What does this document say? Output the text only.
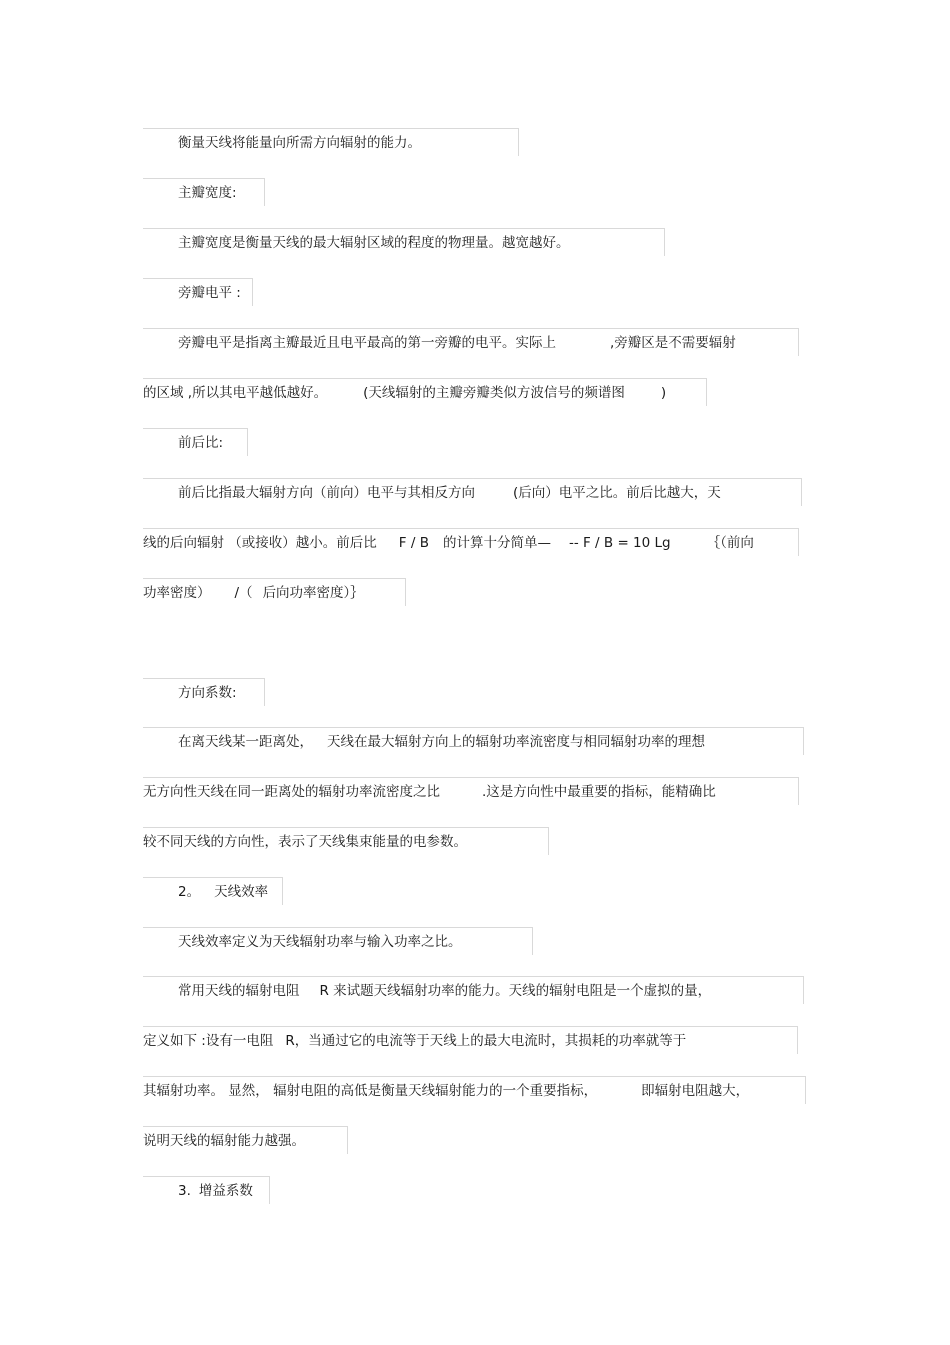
衡量天线将能量向所需方向辐射的能力。
主瓣宽度:
主瓣宽度是衡量天线的最大辐射区域的程度的物理量。越宽越好。
旁瓣电平 :
旁瓣电平是指离主瓣最近且电平最高的第一旁瓣的电平。实际上	,旁瓣区是不需要辐射
的区域 ,所以其电平越低越好。	(天线辐射的主瓣旁瓣类似方波信号的频谱图	)
前后比:
前后比指最大辐射方向（前向）电平与其相反方向	(后向）电平之比。前后比越大，天
线的后向辐射 （或接收）越小。前后比 F / B 的计算十分简单— -- F / B = 10 Lg	｛（前向
功率密度） /（ 后向功率密度）｝
方向系数:
在离天线某一距离处， 天线在最大辐射方向上的辐射功率流密度与相同辐射功率的理想
无方向性天线在同一距离处的辐射功率流密度之比	.这是方向性中最重要的指标，能精确比
较不同天线的方向性，表示了天线集束能量的电参数。
2。 天线效率
天线效率定义为天线辐射功率与输入功率之比。
常用天线的辐射电阻 R 来试题天线辐射功率的能力。天线的辐射电阻是一个虚拟的量，
定义如下 :设有一电阻 R，当通过它的电流等于天线上的最大电流时，其损耗的功率就等于
其辐射功率。 显然， 辐射电阻的高低是衡量天线辐射能力的一个重要指标，	即辐射电阻越大 ，
说明天线的辐射能力越强。
3. 增益系数
